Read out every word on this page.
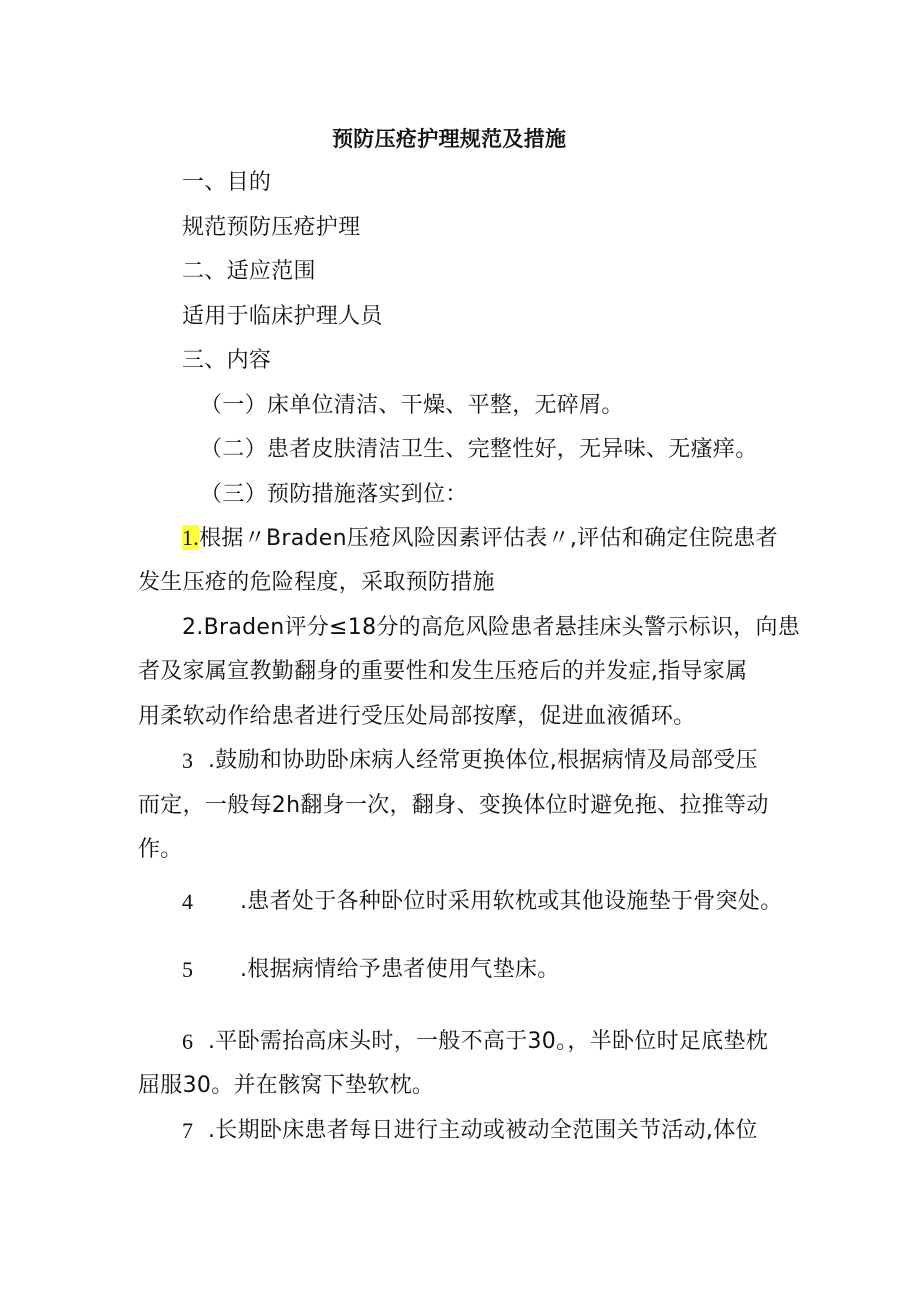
预防压疮护理规范及措施
一、目的
规范预防压疮护理
二、适应范围
适用于临床护理人员
三、内容
（一）床单位清洁、干燥、平整，无碎屑。
（二）患者皮肤清洁卫生、完整性好，无异味、无瘙痒。
（三）预防措施落实到位：
1.根据〃Braden压疮风险因素评估表〃,评估和确定住院患者
发生压疮的危险程度，采取预防措施
2.Braden评分≤18分的高危风险患者悬挂床头警示标识，向患
者及家属宣教勤翻身的重要性和发生压疮后的并发症,指导家属
用柔软动作给患者进行受压处局部按摩，促进血液循环。
3 .鼓励和协助卧床病人经常更换体位,根据病情及局部受压
而定，一般每2h翻身一次，翻身、变换体位时避免拖、拉推等动
作。
4 .患者处于各种卧位时采用软枕或其他设施垫于骨突处。
5 .根据病情给予患者使用气垫床。
6 .平卧需抬高床头时，一般不高于30。，半卧位时足底垫枕
屈服30。并在骸窝下垫软枕。
7 .长期卧床患者每日进行主动或被动全范围关节活动,体位
